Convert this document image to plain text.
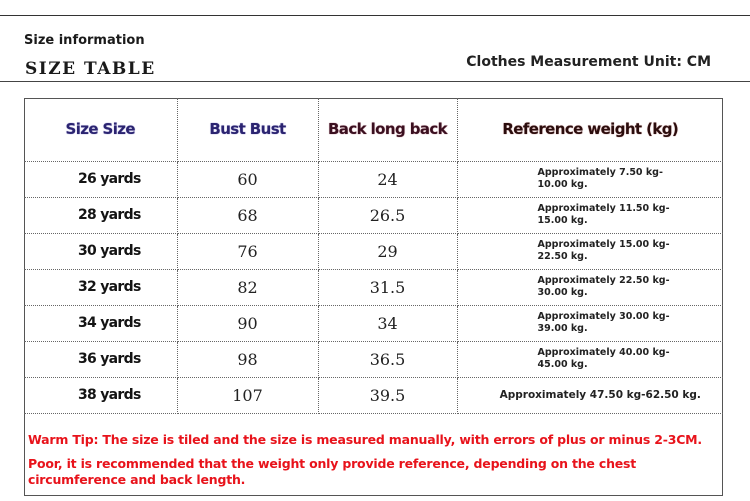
Size information
SIZE TABLE	Clothes Measurement Unit: CM
Size Size	Bust Bust	Back long back	Reference weight (kg)
26 yards	60	24	Approximately 7.50 kg-10.00 kg.
28 yards	68	26.5	Approximately 11.50 kg-15.00 kg.
30 yards	76	29	Approximately 15.00 kg-22.50 kg.
32 yards	82	31.5	Approximately 22.50 kg-30.00 kg.
34 yards	90	34	Approximately 30.00 kg-39.00 kg.
36 yards	98	36.5	Approximately 40.00 kg-45.00 kg.
38 yards	107	39.5	Approximately 47.50 kg-62.50 kg.
Warm Tip: The size is tiled and the size is measured manually, with errors of plus or minus 2-3CM.
Poor, it is recommended that the weight only provide reference, depending on the chest circumference and back length.
